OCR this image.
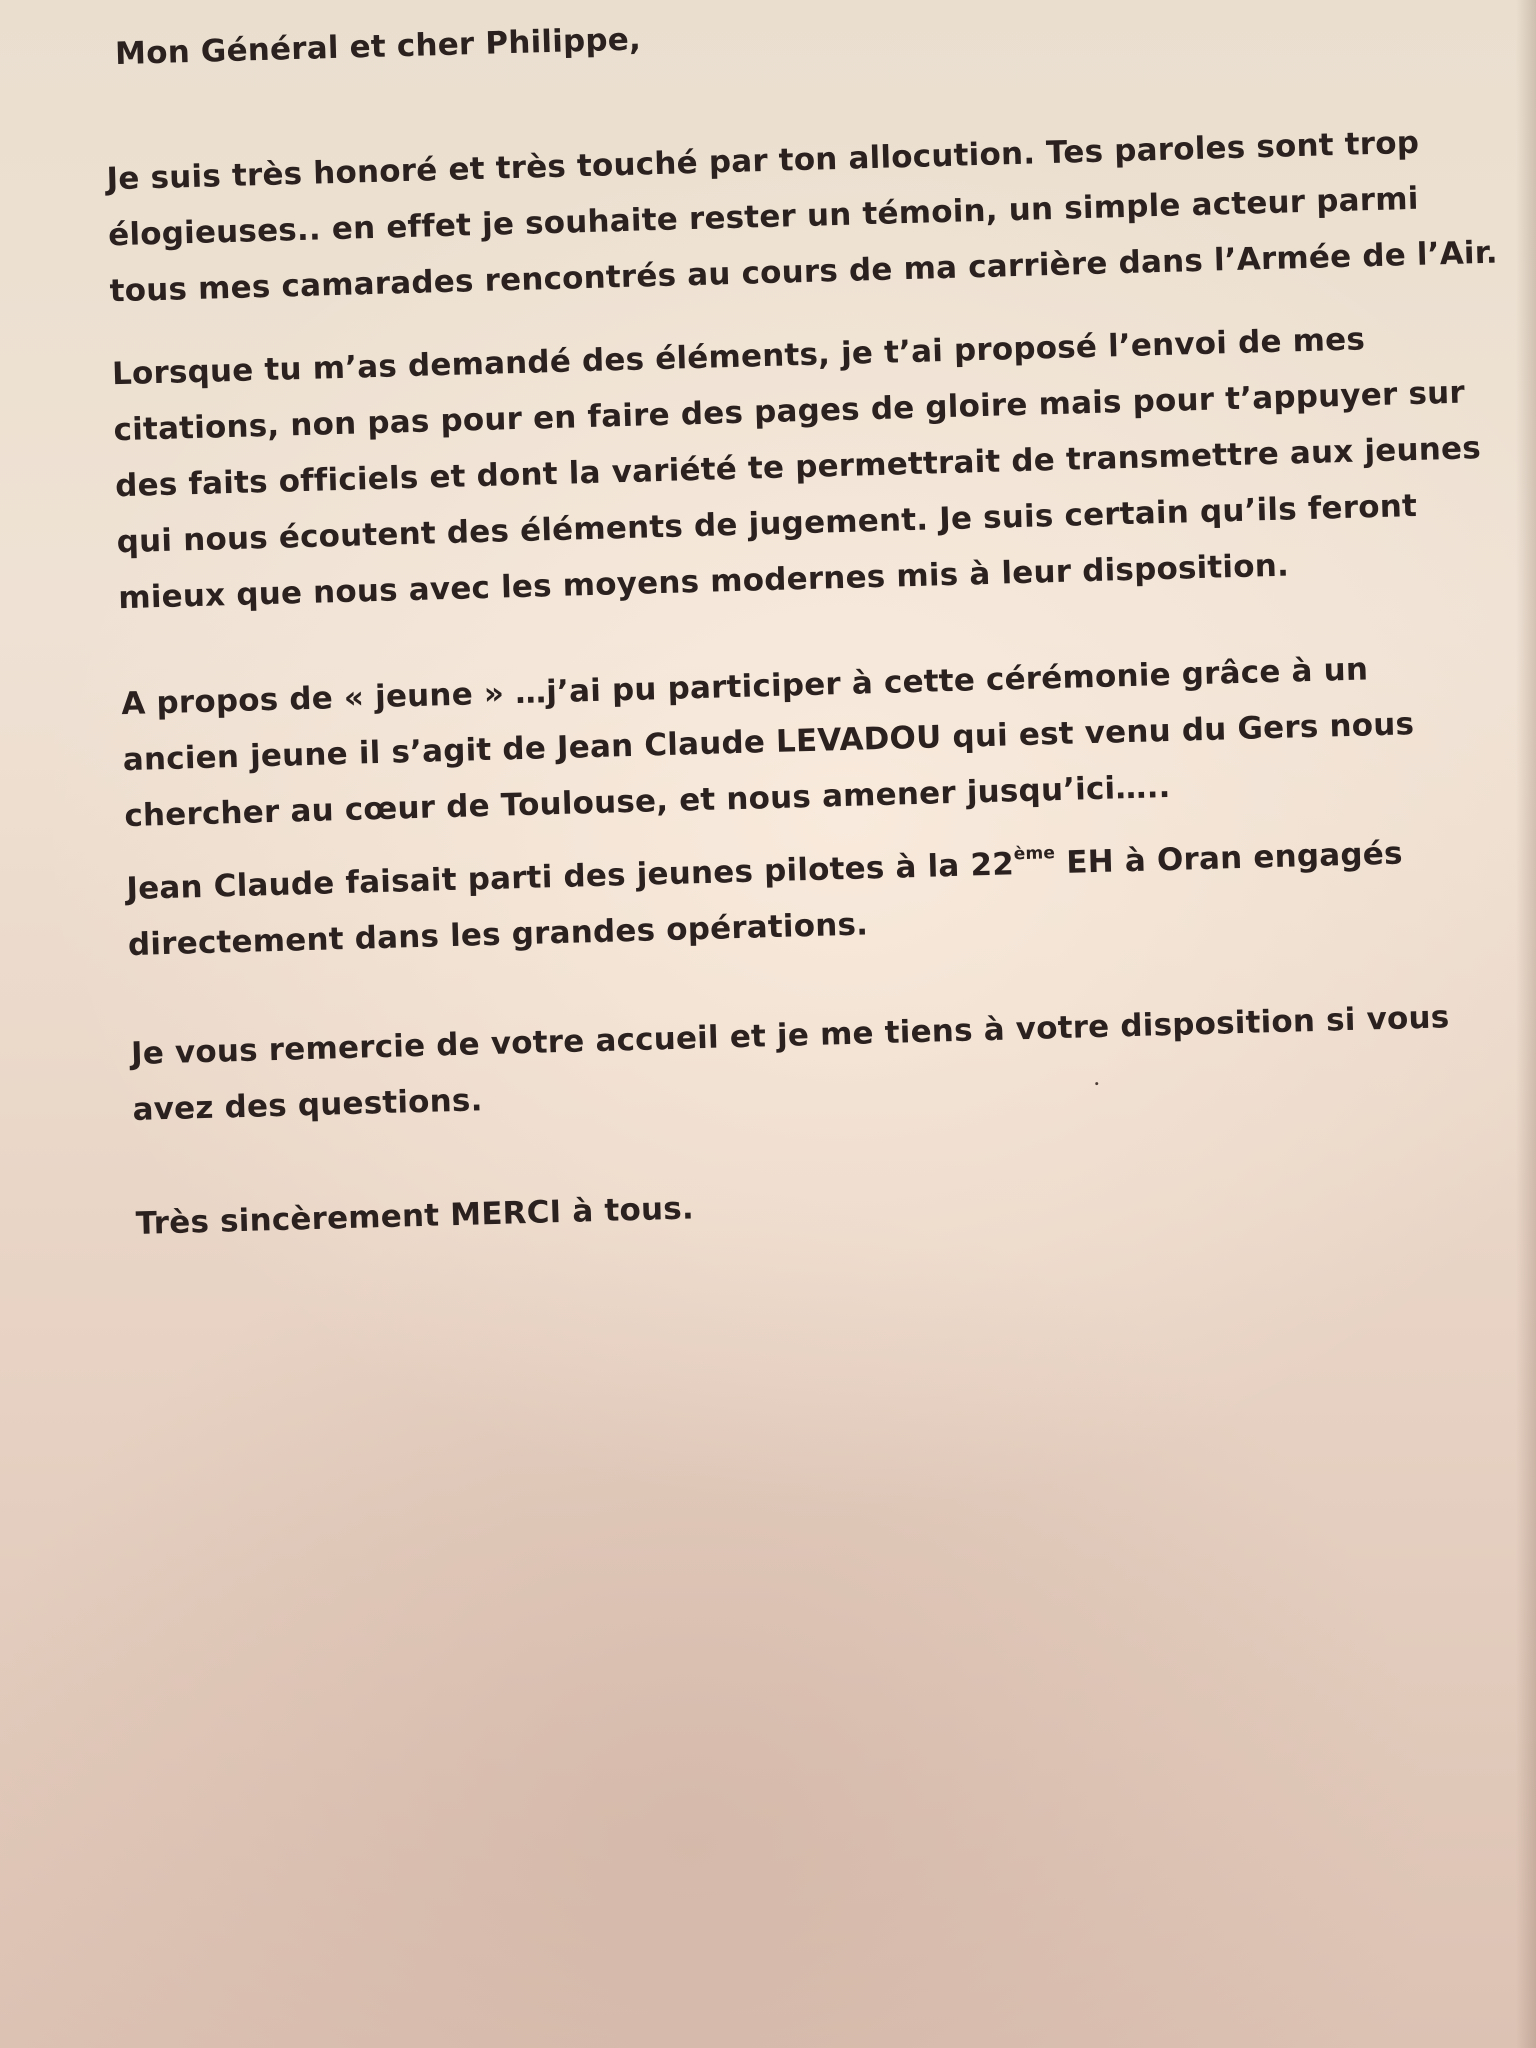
Mon Général et cher Philippe,

Je suis très honoré et très touché par ton allocution. Tes paroles sont trop
élogieuses.. en effet je souhaite rester un témoin, un simple acteur parmi
tous mes camarades rencontrés au cours de ma carrière dans l’Armée de l’Air.

Lorsque tu m’as demandé des éléments, je t’ai proposé l’envoi de mes
citations, non pas pour en faire des pages de gloire mais pour t’appuyer sur
des faits officiels et dont la variété te permettrait de transmettre aux jeunes
qui nous écoutent des éléments de jugement. Je suis certain qu’ils feront
mieux que nous avec les moyens modernes mis à leur disposition.

A propos de « jeune » …j’ai pu participer à cette cérémonie grâce à un
ancien jeune il s’agit de Jean Claude LEVADOU qui est venu du Gers nous
chercher au cœur de Toulouse, et nous amener jusqu’ici…..

Jean Claude faisait parti des jeunes pilotes à la 22ème EH à Oran engagés
directement dans les grandes opérations.

Je vous remercie de votre accueil et je me tiens à votre disposition si vous
avez des questions.

Très sincèrement MERCI à tous.
